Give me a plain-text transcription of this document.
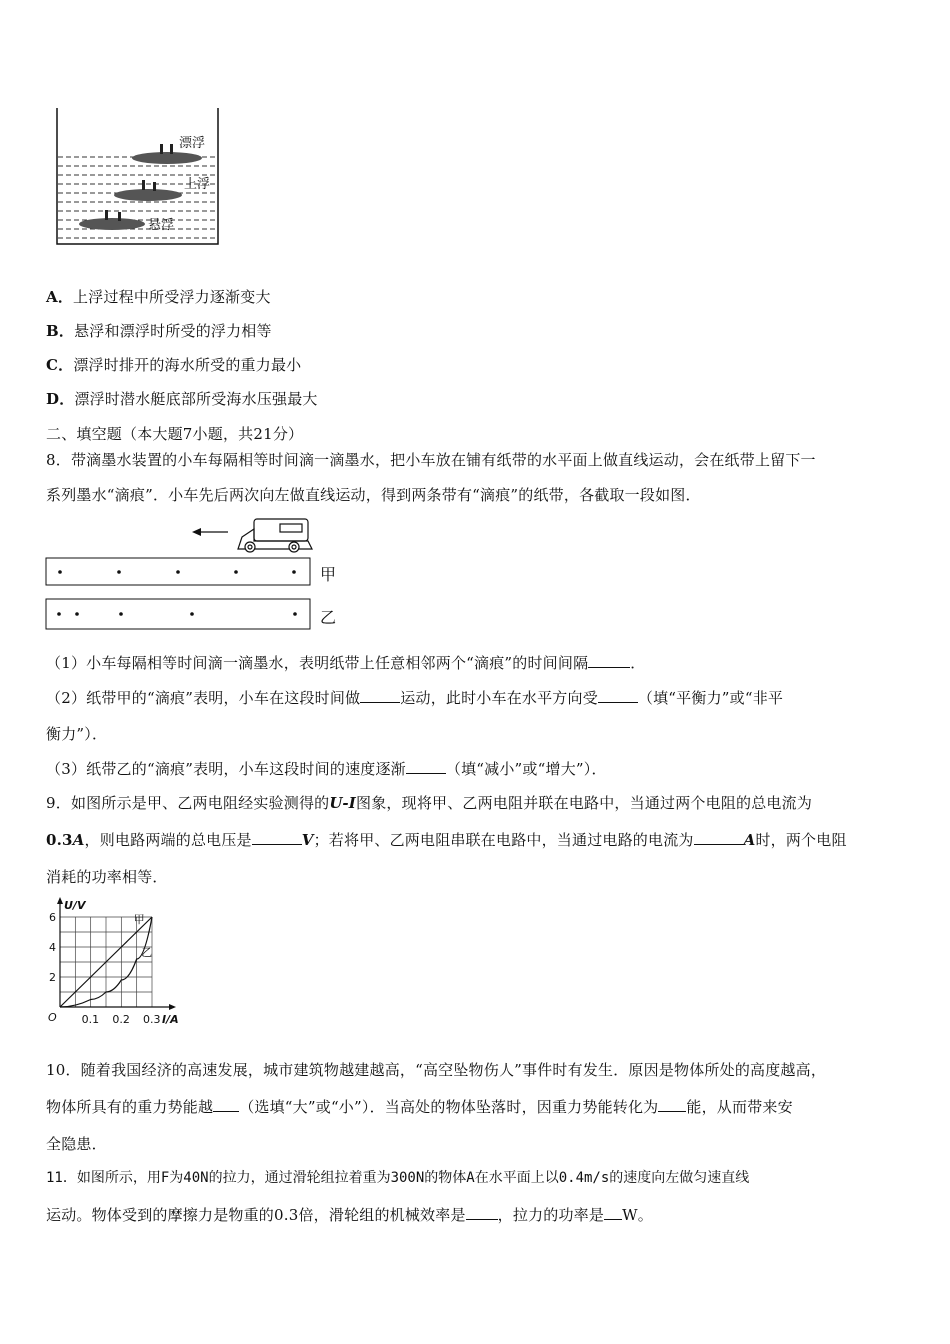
漂浮
上浮
悬浮
A．上浮过程中所受浮力逐渐变大
B．悬浮和漂浮时所受的浮力相等
C．漂浮时排开的海水所受的重力最小
D．漂浮时潜水艇底部所受海水压强最大
二、填空题（本大题7小题，共21分）
8．带滴墨水装置的小车每隔相等时间滴一滴墨水，把小车放在铺有纸带的水平面上做直线运动，会在纸带上留下一
系列墨水“滴痕”．小车先后两次向左做直线运动，得到两条带有“滴痕”的纸带，各截取一段如图．
甲
乙
（1）小车每隔相等时间滴一滴墨水，表明纸带上任意相邻两个“滴痕”的时间间隔	．
（2）纸带甲的“滴痕”表明，小车在这段时间做	运动，此时小车在水平方向受	（填“平衡力”或“非平
衡力”）．
（3）纸带乙的“滴痕”表明，小车这段时间的速度逐渐	（填“减小”或“增大”）．
9．如图所示是甲、乙两电阻经实验测得的U-I图象，现将甲、乙两电阻并联在电路中，当通过两个电阻的总电流为
0.3A，则电路两端的总电压是	V；若将甲、乙两电阻串联在电路中，当通过电路的电流为	A时，两个电阻
消耗的功率相等．
甲
乙
2
4
6
0.1 0.2 0.3
O
U/V
I/A
10．随着我国经济的高速发展，城市建筑物越建越高，“高空坠物伤人”事件时有发生．原因是物体所处的高度越高，
物体所具有的重力势能越 （选填“大”或“小”）．当高处的物体坠落时，因重力势能转化为 能，从而带来安
全隐患．
11．如图所示，用F为40N的拉力，通过滑轮组拉着重为300N的物体A在水平面上以0.4m/s的速度向左做匀速直线
运动。物体受到的摩擦力是物重的0.3倍，滑轮组的机械效率是 ，拉力的功率是 W。
